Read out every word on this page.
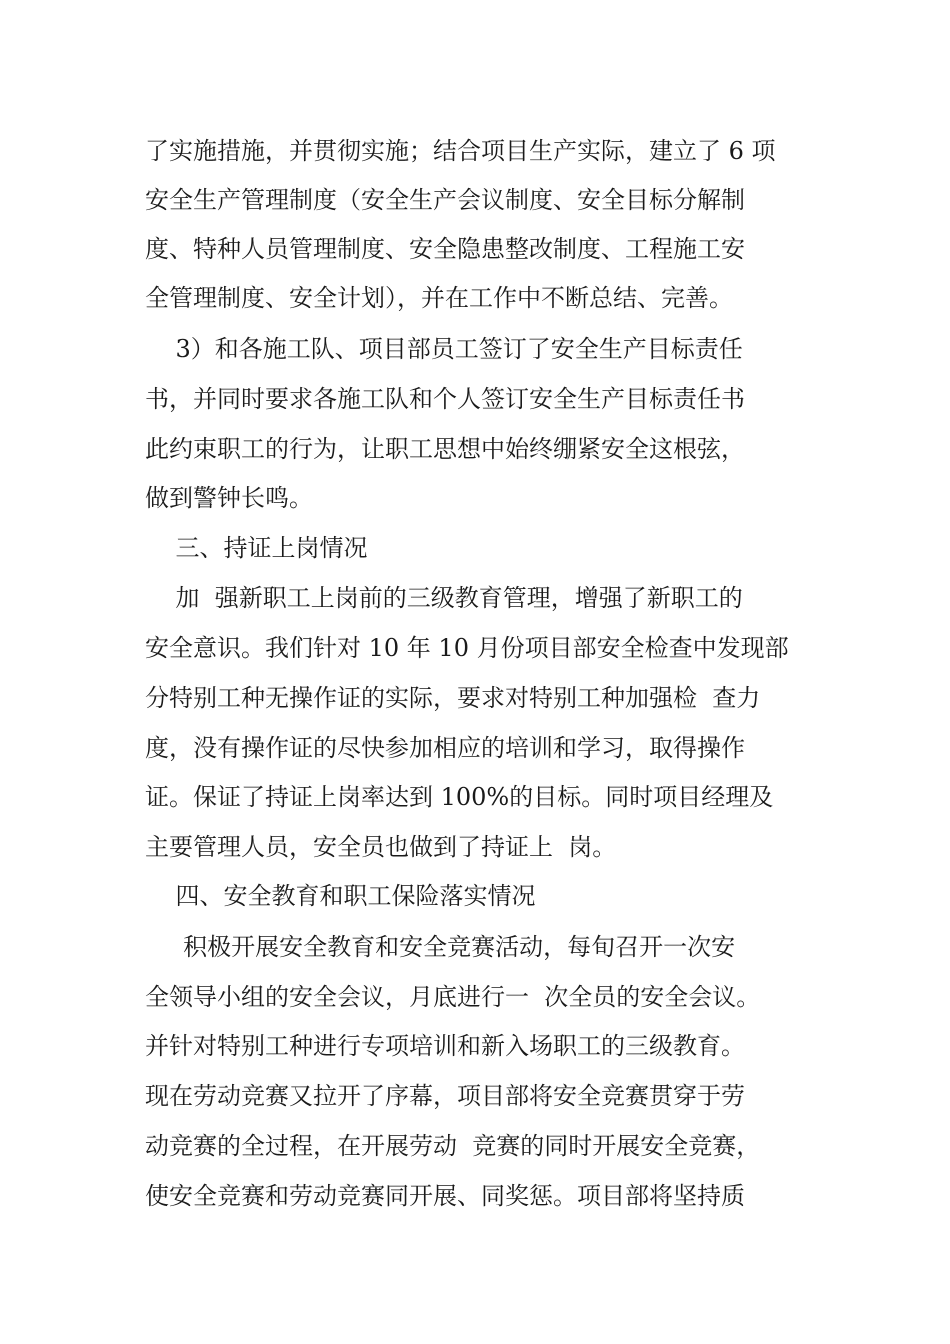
了实施措施，并贯彻实施；结合项目生产实际，建立了 6 项
安全生产管理制度（安全生产会议制度、安全目标分解制
度、特种人员管理制度、安全隐患整改制度、工程施工安
全管理制度、安全计划），并在工作中不断总结、完善。
3）和各施工队、项目部员工签订了安全生产目标责任
书，并同时要求各施工队和个人签订安全生产目标责任书
此约束职工的行为，让职工思想中始终绷紧安全这根弦，
做到警钟长鸣。
三、持证上岗情况
加  强新职工上岗前的三级教育管理，增强了新职工的
安全意识。我们针对 10 年 10 月份项目部安全检查中发现部
分特别工种无操作证的实际，要求对特别工种加强检  查力
度，没有操作证的尽快参加相应的培训和学习，取得操作
证。保证了持证上岗率达到 100%的目标。同时项目经理及
主要管理人员，安全员也做到了持证上  岗。
四、安全教育和职工保险落实情况
积极开展安全教育和安全竞赛活动，每旬召开一次安
全领导小组的安全会议，月底进行一  次全员的安全会议。
并针对特别工种进行专项培训和新入场职工的三级教育。
现在劳动竞赛又拉开了序幕，项目部将安全竞赛贯穿于劳
动竞赛的全过程，在开展劳动  竞赛的同时开展安全竞赛，
使安全竞赛和劳动竞赛同开展、同奖惩。项目部将坚持质
